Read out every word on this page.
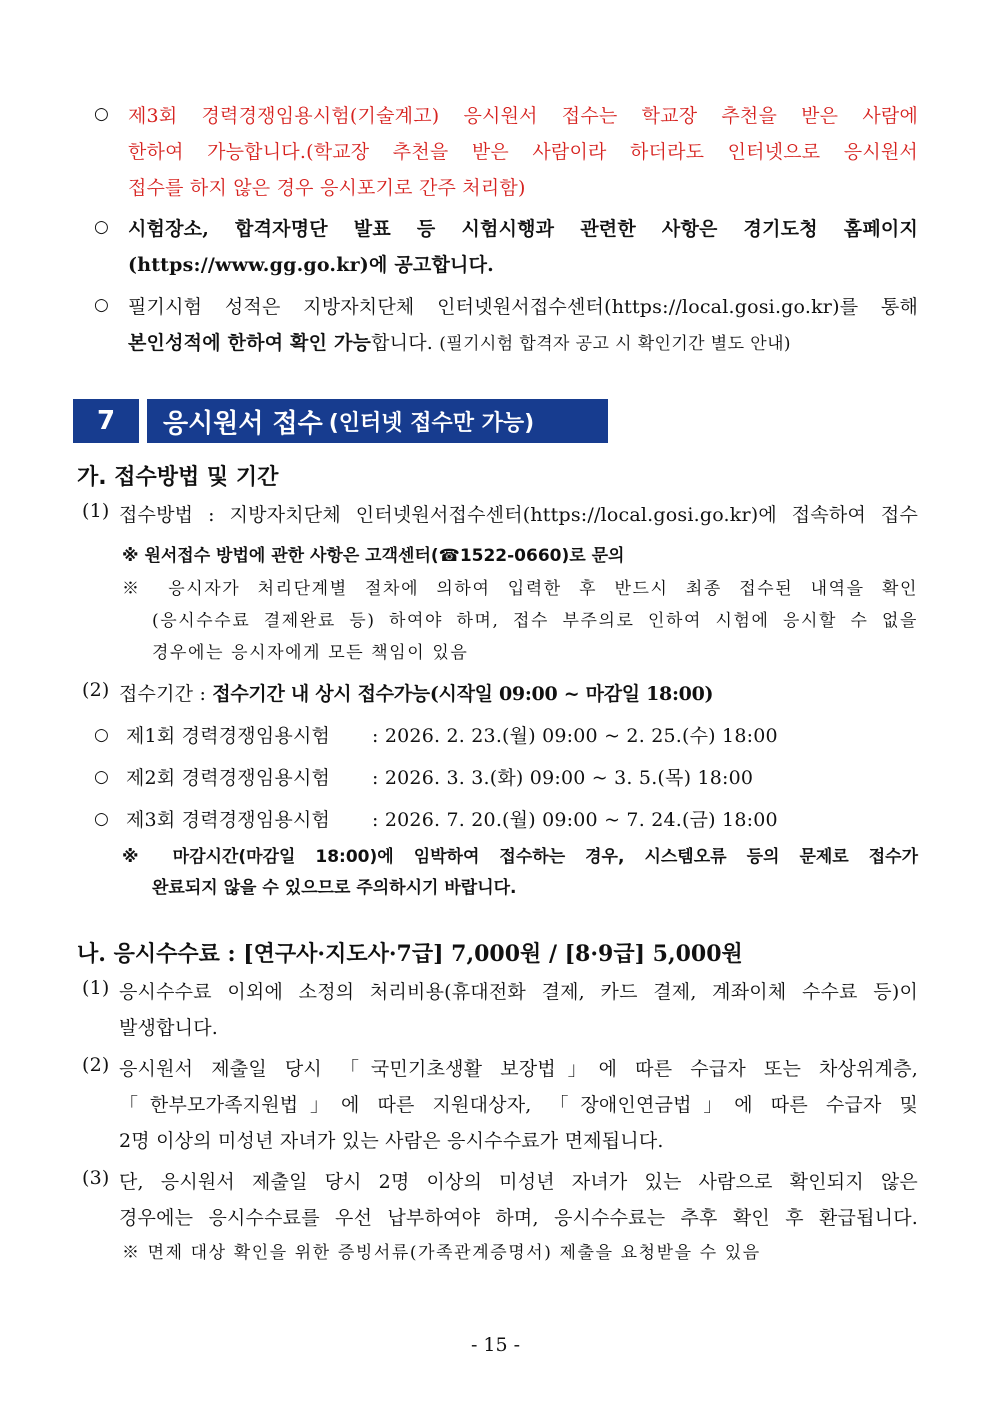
○ 제3회 경력경쟁임용시험(기술계고) 응시원서 접수는 학교장 추천을 받은 사람에
한하여 가능합니다.(학교장 추천을 받은 사람이라 하더라도 인터넷으로 응시원서
접수를 하지 않은 경우 응시포기로 간주 처리함)
○ 시험장소, 합격자명단 발표 등 시험시행과 관련한 사항은 경기도청 홈페이지
(https://www.gg.go.kr)에 공고합니다.
○ 필기시험 성적은 지방자치단체 인터넷원서접수센터(https://local.gosi.go.kr)를 통해
본인성적에 한하여 확인 가능합니다. (필기시험 합격자 공고 시 확인기간 별도 안내)
7 응시원서 접수 (인터넷 접수만 가능)
가. 접수방법 및 기간
(1) 접수방법 : 지방자치단체 인터넷원서접수센터(https://local.gosi.go.kr)에 접속하여 접수
※ 원서접수 방법에 관한 사항은 고객센터(☎1522-0660)로 문의
※ 응시자가 처리단계별 절차에 의하여 입력한 후 반드시 최종 접수된 내역을 확인
(응시수수료 결제완료 등) 하여야 하며, 접수 부주의로 인하여 시험에 응시할 수 없을
경우에는 응시자에게 모든 책임이 있음
(2) 접수기간 : 접수기간 내 상시 접수가능(시작일 09:00 ~ 마감일 18:00)
○ 제1회 경력경쟁임용시험 : 2026. 2. 23.(월) 09:00 ~ 2. 25.(수) 18:00
○ 제2회 경력경쟁임용시험 : 2026. 3. 3.(화) 09:00 ~ 3. 5.(목) 18:00
○ 제3회 경력경쟁임용시험 : 2026. 7. 20.(월) 09:00 ~ 7. 24.(금) 18:00
※ 마감시간(마감일 18:00)에 임박하여 접수하는 경우, 시스템오류 등의 문제로 접수가
완료되지 않을 수 있으므로 주의하시기 바랍니다.
나. 응시수수료 : [연구사·지도사·7급] 7,000원 / [8·9급] 5,000원
(1) 응시수수료 이외에 소정의 처리비용(휴대전화 결제, 카드 결제, 계좌이체 수수료 등)이
발생합니다.
(2) 응시원서 제출일 당시 「국민기초생활 보장법」에 따른 수급자 또는 차상위계층,
「한부모가족지원법」에 따른 지원대상자, 「장애인연금법」에 따른 수급자 및
2명 이상의 미성년 자녀가 있는 사람은 응시수수료가 면제됩니다.
(3) 단, 응시원서 제출일 당시 2명 이상의 미성년 자녀가 있는 사람으로 확인되지 않은
경우에는 응시수수료를 우선 납부하여야 하며, 응시수수료는 추후 확인 후 환급됩니다.
※ 면제 대상 확인을 위한 증빙서류(가족관계증명서) 제출을 요청받을 수 있음
- 15 -
